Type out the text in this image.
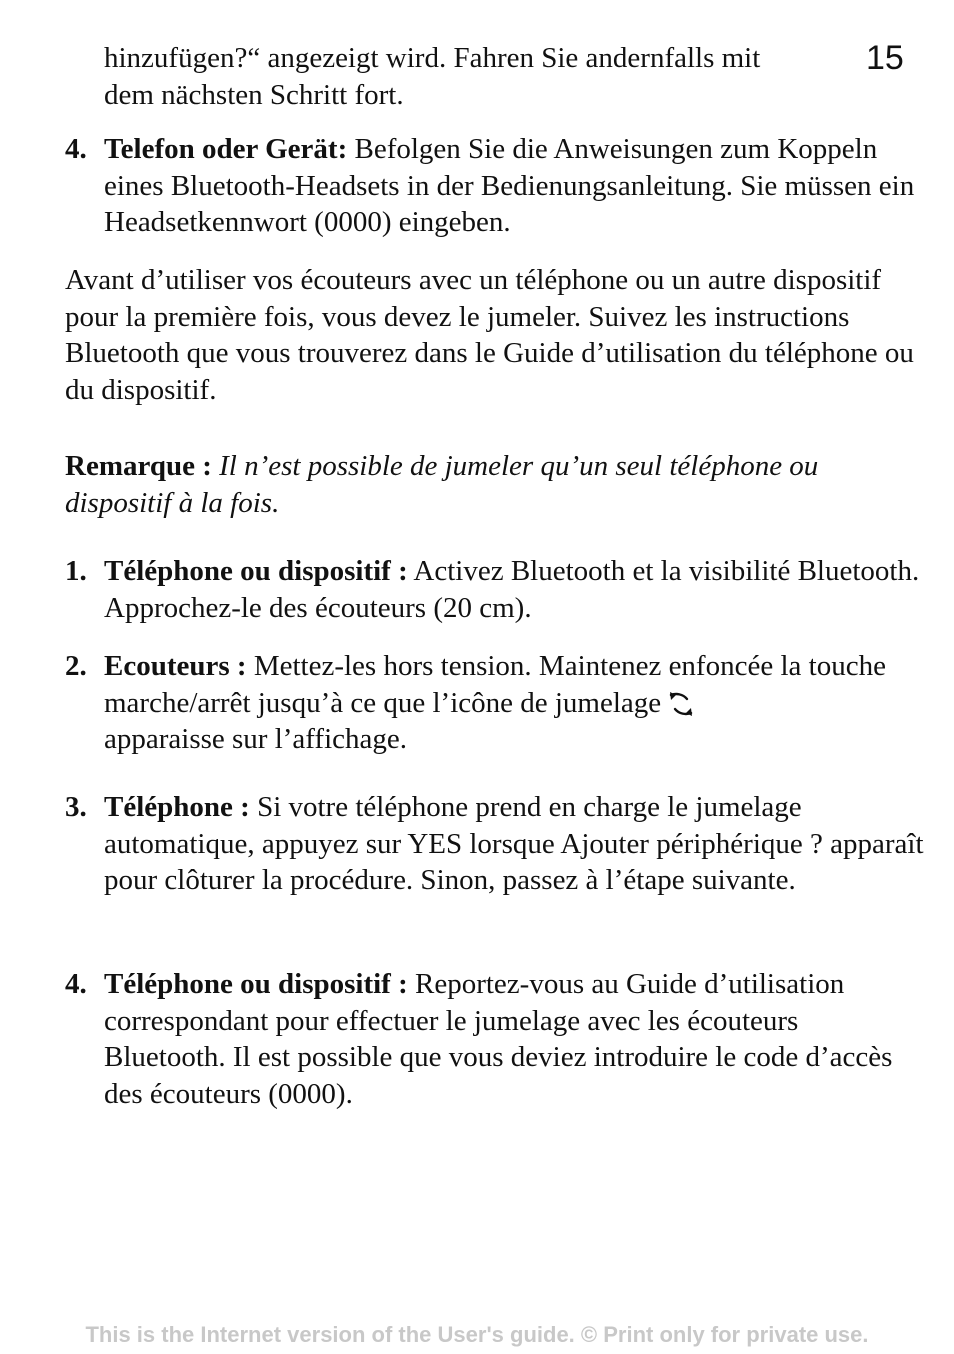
15
hinzufügen?“ angezeigt wird. Fahren Sie andernfalls mit
dem nächsten Schritt fort.
4. Telefon oder Gerät: Befolgen Sie die Anweisungen zum Koppeln eines Bluetooth-Headsets in der Bedienungsanleitung. Sie müssen ein Headsetkennwort (0000) eingeben.
Avant d’utiliser vos écouteurs avec un téléphone ou un autre dispositif pour la première fois, vous devez le jumeler. Suivez les instructions Bluetooth que vous trouverez dans le Guide d’utilisation du téléphone ou du dispositif.
Remarque : Il n’est possible de jumeler qu’un seul téléphone ou dispositif à la fois.
1. Téléphone ou dispositif : Activez Bluetooth et la visibilité Bluetooth. Approchez-le des écouteurs (20 cm).
2. Ecouteurs : Mettez-les hors tension. Maintenez enfoncée la touche marche/arrêt jusqu’à ce que l’icône de jumelage
apparaisse sur l’affichage.
3. Téléphone : Si votre téléphone prend en charge le jumelage automatique, appuyez sur YES lorsque Ajouter périphérique ? apparaît pour clôturer la procédure. Sinon, passez à l’étape suivante.
4. Téléphone ou dispositif : Reportez-vous au Guide d’utilisation correspondant pour effectuer le jumelage avec les écouteurs Bluetooth. Il est possible que vous deviez introduire le code d’accès des écouteurs (0000).
This is the Internet version of the User's guide. © Print only for private use.
